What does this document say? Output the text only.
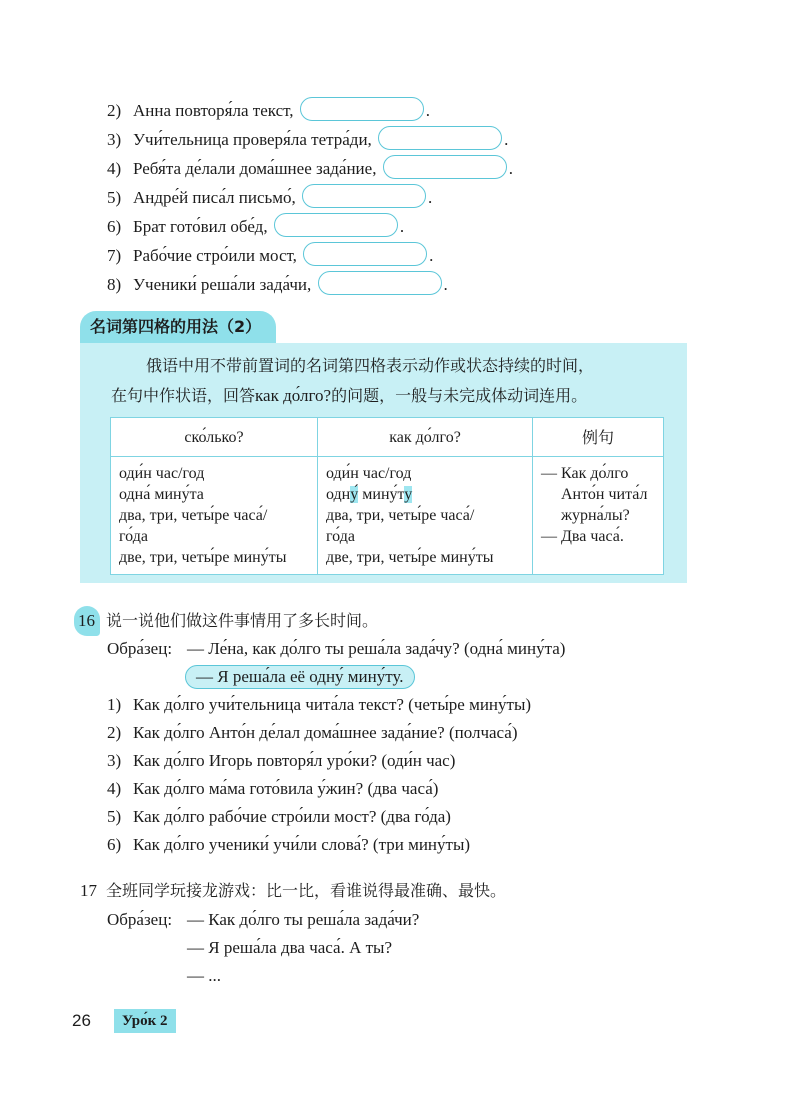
2) Анна повторя́ла текст,	.
3) Учи́тельница проверя́ла тетра́ди,	.
4) Ребя́та де́лали дома́шнее зада́ние,	.
5) Андре́й писа́л письмо́,	.
6) Брат гото́вил обе́д,	.
7) Рабо́чие стро́или мост,	.
8) Ученики́ реша́ли зада́чи,	.
名词第四格的用法（2）
俄语中用不带前置词的名词第四格表示动作或状态持续的时间，
在句中作状语，回答как до́лго?的问题，一般与未完成体动词连用。
ско́лько?	как до́лго?	例句

оди́н час/год
одна́ мину́та
два, три, четы́ре часа́/
го́да
две, три, четы́ре мину́ты	оди́н час/год
одну́ мину́ту
два, три, четы́ре часа́/
го́да
две, три, четы́ре мину́ты	— Как до́лго
Анто́н чита́л
журна́лы?
— Два часа́.
16 说一说他们做这件事情用了多长时间。
Обра́зец: — Ле́на, как до́лго ты реша́ла зада́чу? (одна́ мину́та)
— Я реша́ла её одну́ мину́ту.
1) Как до́лго учи́тельница чита́ла текст? (четы́ре мину́ты)
2) Как до́лго Анто́н де́лал дома́шнее зада́ние? (полчаса́)
3) Как до́лго Игорь повторя́л уро́ки? (оди́н час)
4) Как до́лго ма́ма гото́вила у́жин? (два часа́)
5) Как до́лго рабо́чие стро́или мост? (два го́да)
6) Как до́лго ученики́ учи́ли слова́? (три мину́ты)
17 全班同学玩接龙游戏：比一比，看谁说得最准确、最快。
Обра́зец: — Как до́лго ты реша́ла зада́чи?
— Я реша́ла два часа́. А ты?
— ...
26	Уро́к 2
